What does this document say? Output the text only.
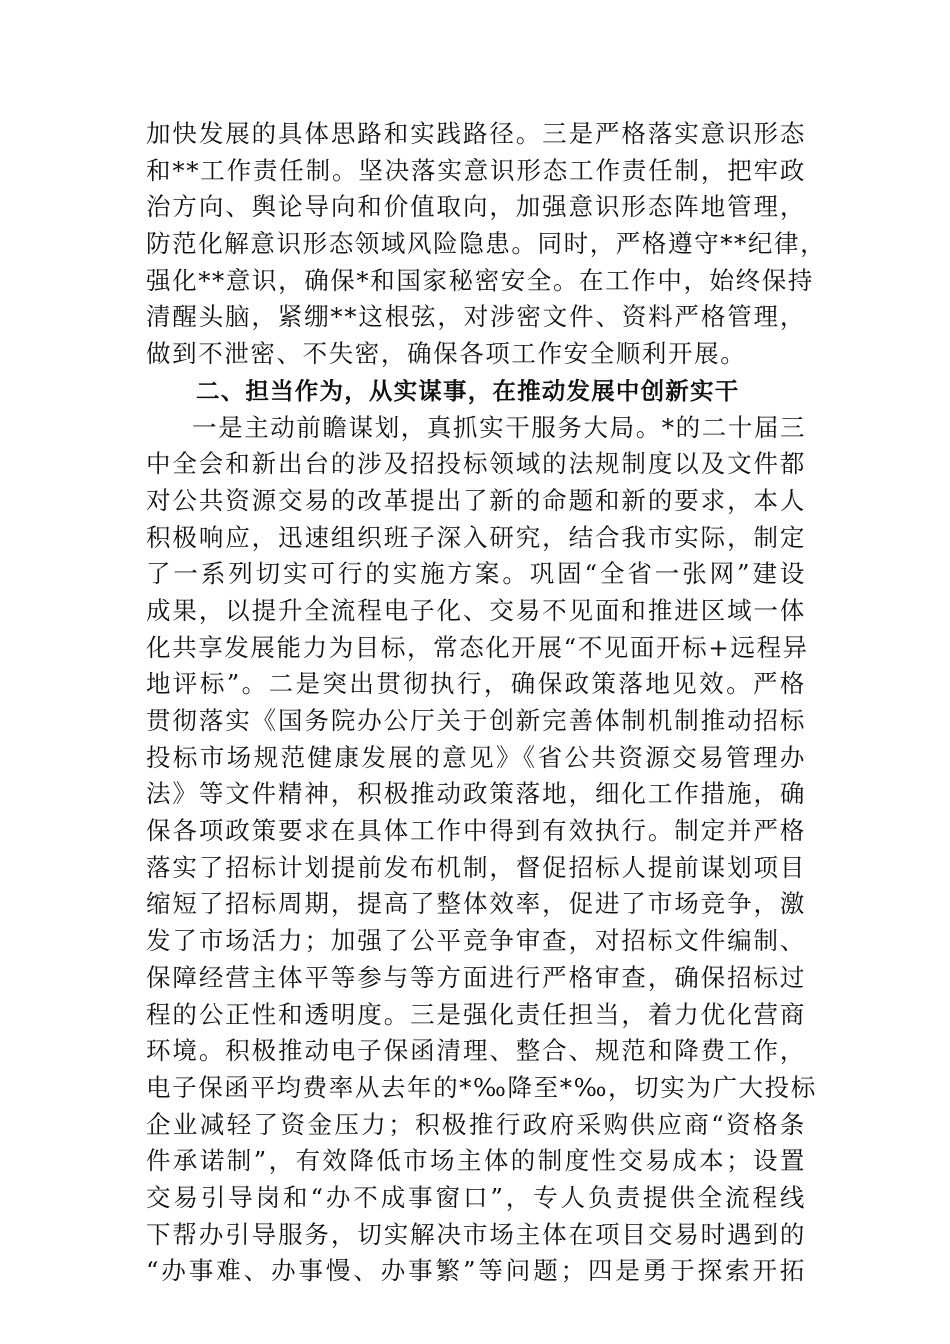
加快发展的具体思路和实践路径。三是严格落实意识形态
和**工作责任制。坚决落实意识形态工作责任制，把牢政
治方向、舆论导向和价值取向，加强意识形态阵地管理，
防范化解意识形态领域风险隐患。同时，严格遵守**纪律，
强化**意识，确保*和国家秘密安全。在工作中，始终保持
清醒头脑，紧绷**这根弦，对涉密文件、资料严格管理，
做到不泄密、不失密，确保各项工作安全顺利开展。
二、担当作为，从实谋事，在推动发展中创新实干
一是主动前瞻谋划，真抓实干服务大局。*的二十届三
中全会和新出台的涉及招投标领域的法规制度以及文件都
对公共资源交易的改革提出了新的命题和新的要求，本人
积极响应，迅速组织班子深入研究，结合我市实际，制定
了一系列切实可行的实施方案。巩固“全省一张网”建设
成果，以提升全流程电子化、交易不见面和推进区域一体
化共享发展能力为目标，常态化开展“不见面开标+远程异
地评标”。二是突出贯彻执行，确保政策落地见效。严格
贯彻落实《国务院办公厅关于创新完善体制机制推动招标
投标市场规范健康发展的意见》《省公共资源交易管理办
法》等文件精神，积极推动政策落地，细化工作措施，确
保各项政策要求在具体工作中得到有效执行。制定并严格
落实了招标计划提前发布机制，督促招标人提前谋划项目
缩短了招标周期，提高了整体效率，促进了市场竞争，激
发了市场活力；加强了公平竞争审查，对招标文件编制、
保障经营主体平等参与等方面进行严格审查，确保招标过
程的公正性和透明度。三是强化责任担当，着力优化营商
环境。积极推动电子保函清理、整合、规范和降费工作，
电子保函平均费率从去年的*‰降至*‰，切实为广大投标
企业减轻了资金压力；积极推行政府采购供应商“资格条
件承诺制”，有效降低市场主体的制度性交易成本；设置
交易引导岗和“办不成事窗口”，专人负责提供全流程线
下帮办引导服务，切实解决市场主体在项目交易时遇到的
“办事难、办事慢、办事繁”等问题；四是勇于探索开拓
